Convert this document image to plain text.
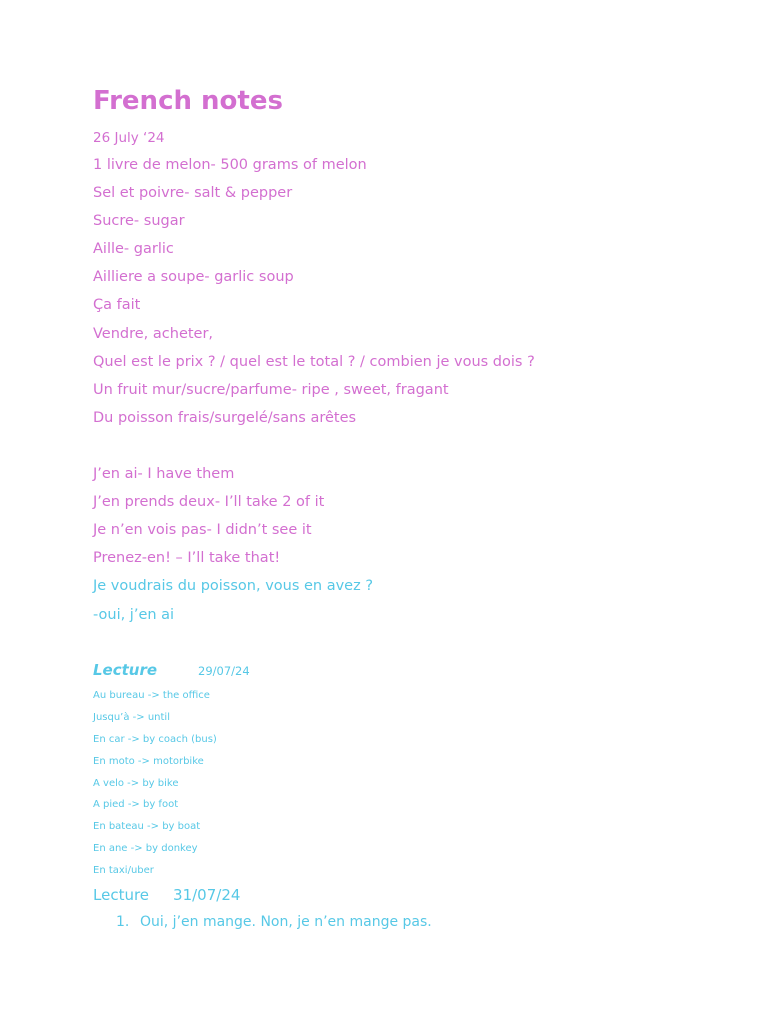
French notes
26 July ‘24
1 livre de melon- 500 grams of melon
Sel et poivre- salt & pepper
Sucre- sugar
Aille- garlic
Ailliere a soupe- garlic soup
Ça fait
Vendre, acheter,
Quel est le prix ? / quel est le total ? / combien je vous dois ?
Un fruit mur/sucre/parfume- ripe , sweet, fragant
Du poisson frais/surgelé/sans arêtes
J’en ai- I have them
J’en prends deux- I’ll take 2 of it
Je n’en vois pas- I didn’t see it
Prenez-en! – I’ll take that!
Je voudrais du poisson, vous en avez ?
-oui, j’en ai
Lecture	29/07/24
Au bureau -> the office
Jusqu’à -> until
En car -> by coach (bus)
En moto -> motorbike
A velo -> by bike
A pied -> by foot
En bateau -> by boat
En ane -> by donkey
En taxi/uber
Lecture 31/07/24
1. Oui, j’en mange. Non, je n’en mange pas.
